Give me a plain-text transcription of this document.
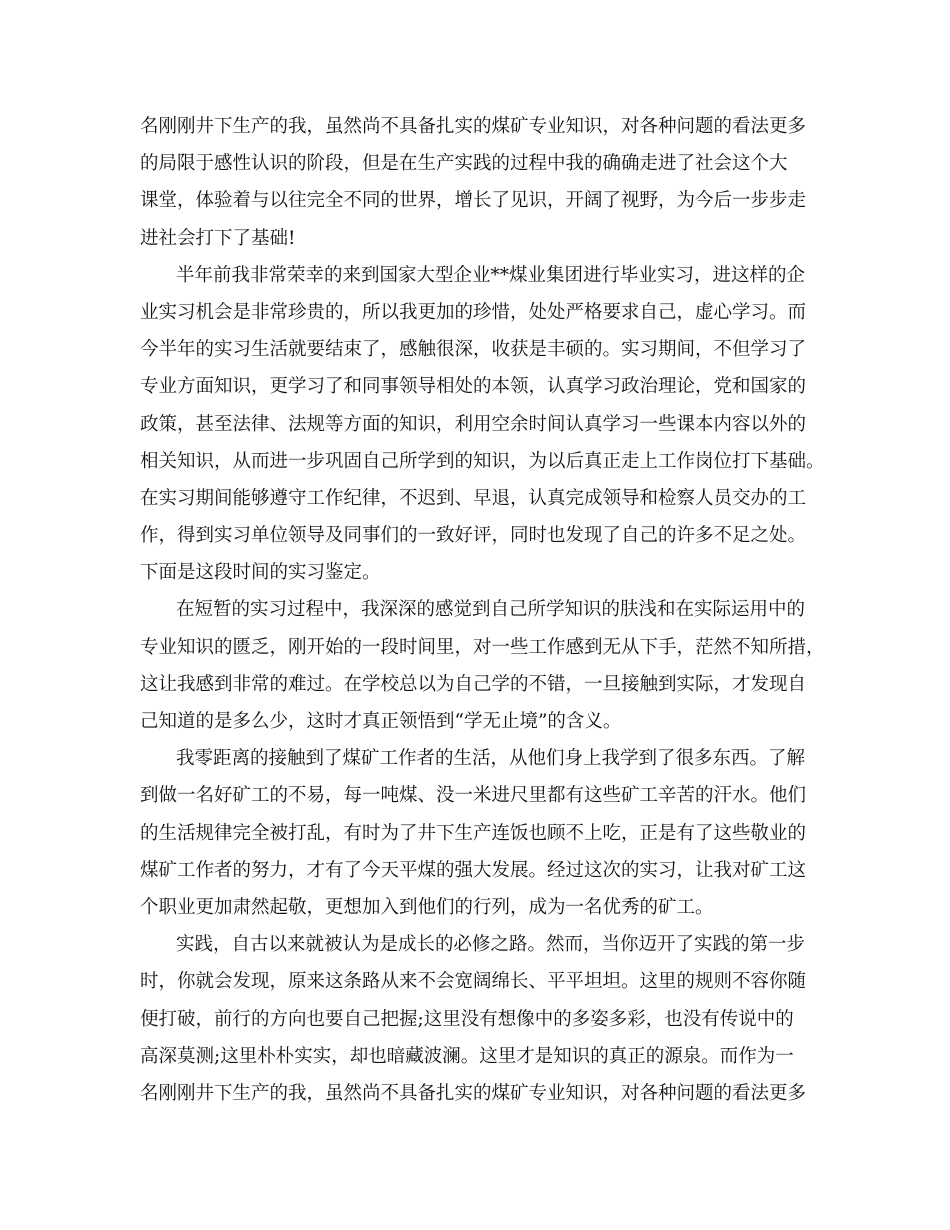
名刚刚井下生产的我，虽然尚不具备扎实的煤矿专业知识，对各种问题的看法更多
的局限于感性认识的阶段，但是在生产实践的过程中我的确确走进了社会这个大
课堂，体验着与以往完全不同的世界，增长了见识，开阔了视野，为今后一步步走
进社会打下了基础!
半年前我非常荣幸的来到国家大型企业**煤业集团进行毕业实习，进这样的企
业实习机会是非常珍贵的，所以我更加的珍惜，处处严格要求自己，虚心学习。而
今半年的实习生活就要结束了，感触很深，收获是丰硕的。实习期间，不但学习了
专业方面知识，更学习了和同事领导相处的本领，认真学习政治理论，党和国家的
政策，甚至法律、法规等方面的知识，利用空余时间认真学习一些课本内容以外的
相关知识，从而进一步巩固自己所学到的知识，为以后真正走上工作岗位打下基础。
在实习期间能够遵守工作纪律，不迟到、早退，认真完成领导和检察人员交办的工
作，得到实习单位领导及同事们的一致好评，同时也发现了自己的许多不足之处。
下面是这段时间的实习鉴定。
在短暂的实习过程中，我深深的感觉到自己所学知识的肤浅和在实际运用中的
专业知识的匮乏，刚开始的一段时间里，对一些工作感到无从下手，茫然不知所措，
这让我感到非常的难过。在学校总以为自己学的不错，一旦接触到实际，才发现自
己知道的是多么少，这时才真正领悟到“学无止境”的含义。
我零距离的接触到了煤矿工作者的生活，从他们身上我学到了很多东西。了解
到做一名好矿工的不易，每一吨煤、没一米进尺里都有这些矿工辛苦的汗水。他们
的生活规律完全被打乱，有时为了井下生产连饭也顾不上吃，正是有了这些敬业的
煤矿工作者的努力，才有了今天平煤的强大发展。经过这次的实习，让我对矿工这
个职业更加肃然起敬，更想加入到他们的行列，成为一名优秀的矿工。
实践，自古以来就被认为是成长的必修之路。然而，当你迈开了实践的第一步
时，你就会发现，原来这条路从来不会宽阔绵长、平平坦坦。这里的规则不容你随
便打破，前行的方向也要自己把握;这里没有想像中的多姿多彩，也没有传说中的
高深莫测;这里朴朴实实，却也暗藏波澜。这里才是知识的真正的源泉。而作为一
名刚刚井下生产的我，虽然尚不具备扎实的煤矿专业知识，对各种问题的看法更多
